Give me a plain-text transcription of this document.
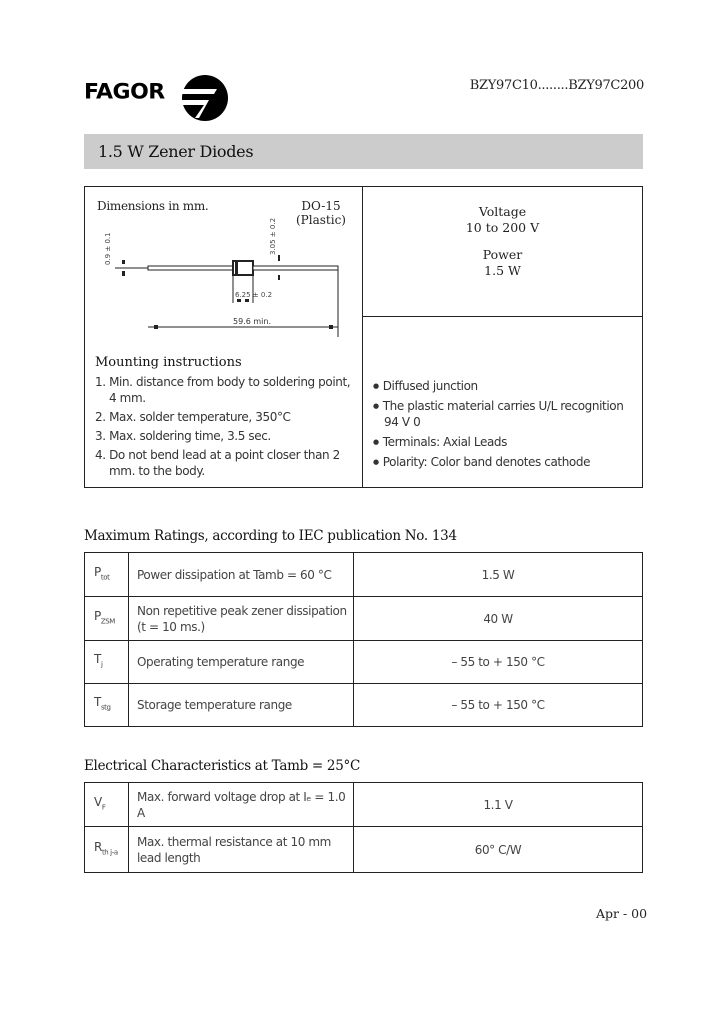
FAGOR	BZY97C10........BZY97C200
1.5 W Zener Diodes
Dimensions in mm.	DO-15
(Plastic)
0.9 ± 0.1	3.05 ± 0.2
6.25 ± 0.2
59.6 min.
Mounting instructions
1. Min. distance from body to soldering point, 4 mm.
2. Max. solder temperature, 350°C
3. Max. soldering time, 3.5 sec.
4. Do not bend lead at a point closer than 2 mm. to the body.
Voltage
10 to 200 V
Power
1.5 W
● Diffused junction
● The plastic material carries U/L recognition 94 V 0
● Terminals: Axial Leads
● Polarity: Color band denotes cathode
Maximum Ratings, according to IEC publication No. 134
$P_{tot}$	Power dissipation at Tamb = 60 °C	1.5 W
$P_{ZSM}$	Non repetitive peak zener dissipation (t = 10 ms.)	40 W
$T_j$	Operating temperature range	– 55 to + 150 °C
$T_{stg}$	Storage temperature range	– 55 to + 150 °C
Electrical Characteristics at Tamb = 25°C
$V_F$	Max. forward voltage drop at Iₑ = 1.0 A	1.1 V
$R_{th j-a}$	Max. thermal resistance at 10 mm lead length	60° C/W
Apr - 00
